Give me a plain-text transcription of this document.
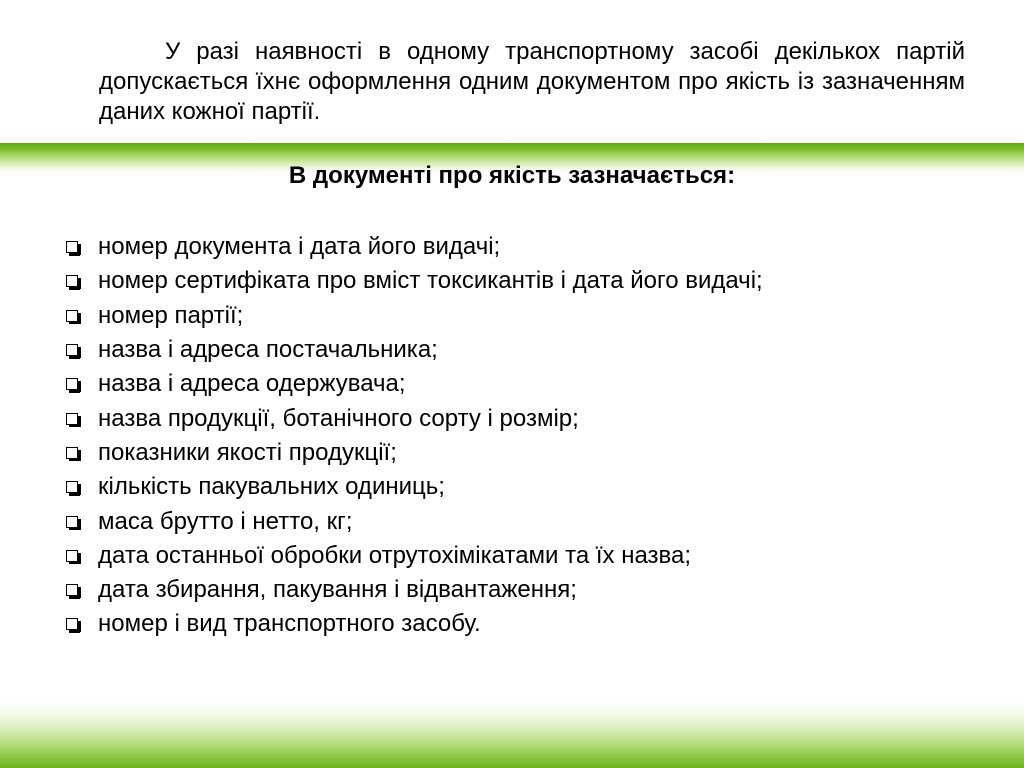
У разі наявності в одному транспортному засобі декількох партій допускається їхнє оформлення одним документом про якість із зазначенням даних кожної партії.

В документі про якість зазначається:
номер документа і дата його видачі;
номер сертифіката про вміст токсикантів і дата його видачі;
номер партії;
назва і адреса постачальника;
назва і адреса одержувача;
назва продукції, ботанічного сорту і розмір;
показники якості продукції;
кількість пакувальних одиниць;
маса брутто і нетто, кг;
дата останньої обробки отрутохімікатами та їх назва;
дата збирання, пакування і відвантаження;
номер і вид транспортного засобу.
